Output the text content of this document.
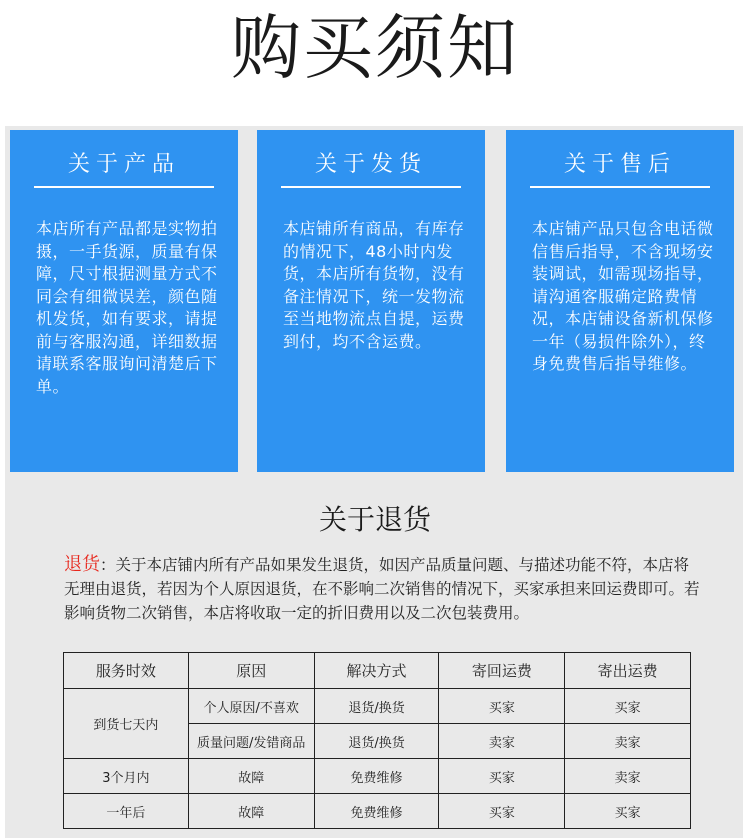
购买须知
关于产品
本店所有产品都是实物拍摄，一手货源，质量有保障，尺寸根据测量方式不同会有细微误差，颜色随机发货，如有要求，请提前与客服沟通，详细数据请联系客服询问清楚后下单。
关于发货
本店铺所有商品，有库存的情况下，48小时内发货，本店所有货物，没有备注情况下，统一发物流至当地物流点自提，运费到付，均不含运费。
关于售后
本店铺产品只包含电话微信售后指导，不含现场安装调试，如需现场指导，请沟通客服确定路费情况，本店铺设备新机保修一年（易损件除外），终身免费售后指导维修。
关于退货
退货：关于本店铺内所有产品如果发生退货，如因产品质量问题、与描述功能不符，本店将无理由退货，若因为个人原因退货，在不影响二次销售的情况下，买家承担来回运费即可。若影响货物二次销售，本店将收取一定的折旧费用以及二次包装费用。
服务时效	原因	解决方式	寄回运费	寄出运费
到货七天内	个人原因/不喜欢	退货/换货	买家	买家
	质量问题/发错商品	退货/换货	卖家	卖家
3个月内	故障	免费维修	买家	卖家
一年后	故障	免费维修	买家	买家
